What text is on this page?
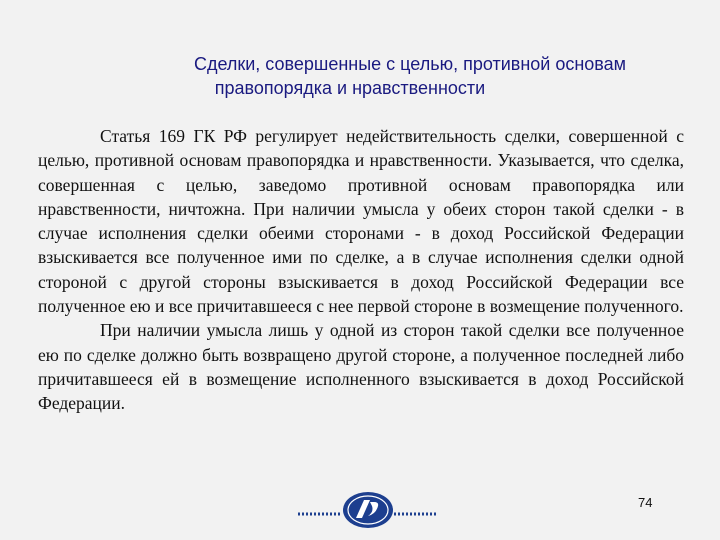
Сделки, совершенные с целью, противной основам
правопорядка и нравственности

Статья 169 ГК РФ регулирует недействительность сделки, совершенной с целью, противной основам правопорядка и нравственности. Указывается, что сделка, совершенная с целью, заведомо противной основам правопорядка или нравственности, ничтожна. При наличии умысла у обеих сторон такой сделки - в случае исполнения сделки обеими сторонами - в доход Российской Федерации взыскивается все полученное ими по сделке, а в случае исполнения сделки одной стороной с другой стороны взыскивается в доход Российской Федерации все полученное ею и все причитавшееся с нее первой стороне в возмещение полученного.

При наличии умысла лишь у одной из сторон такой сделки все полученное ею по сделке должно быть возвращено другой стороне, а полученное последней либо причитавшееся ей в возмещение исполненного взыскивается в доход Российской Федерации.

74
